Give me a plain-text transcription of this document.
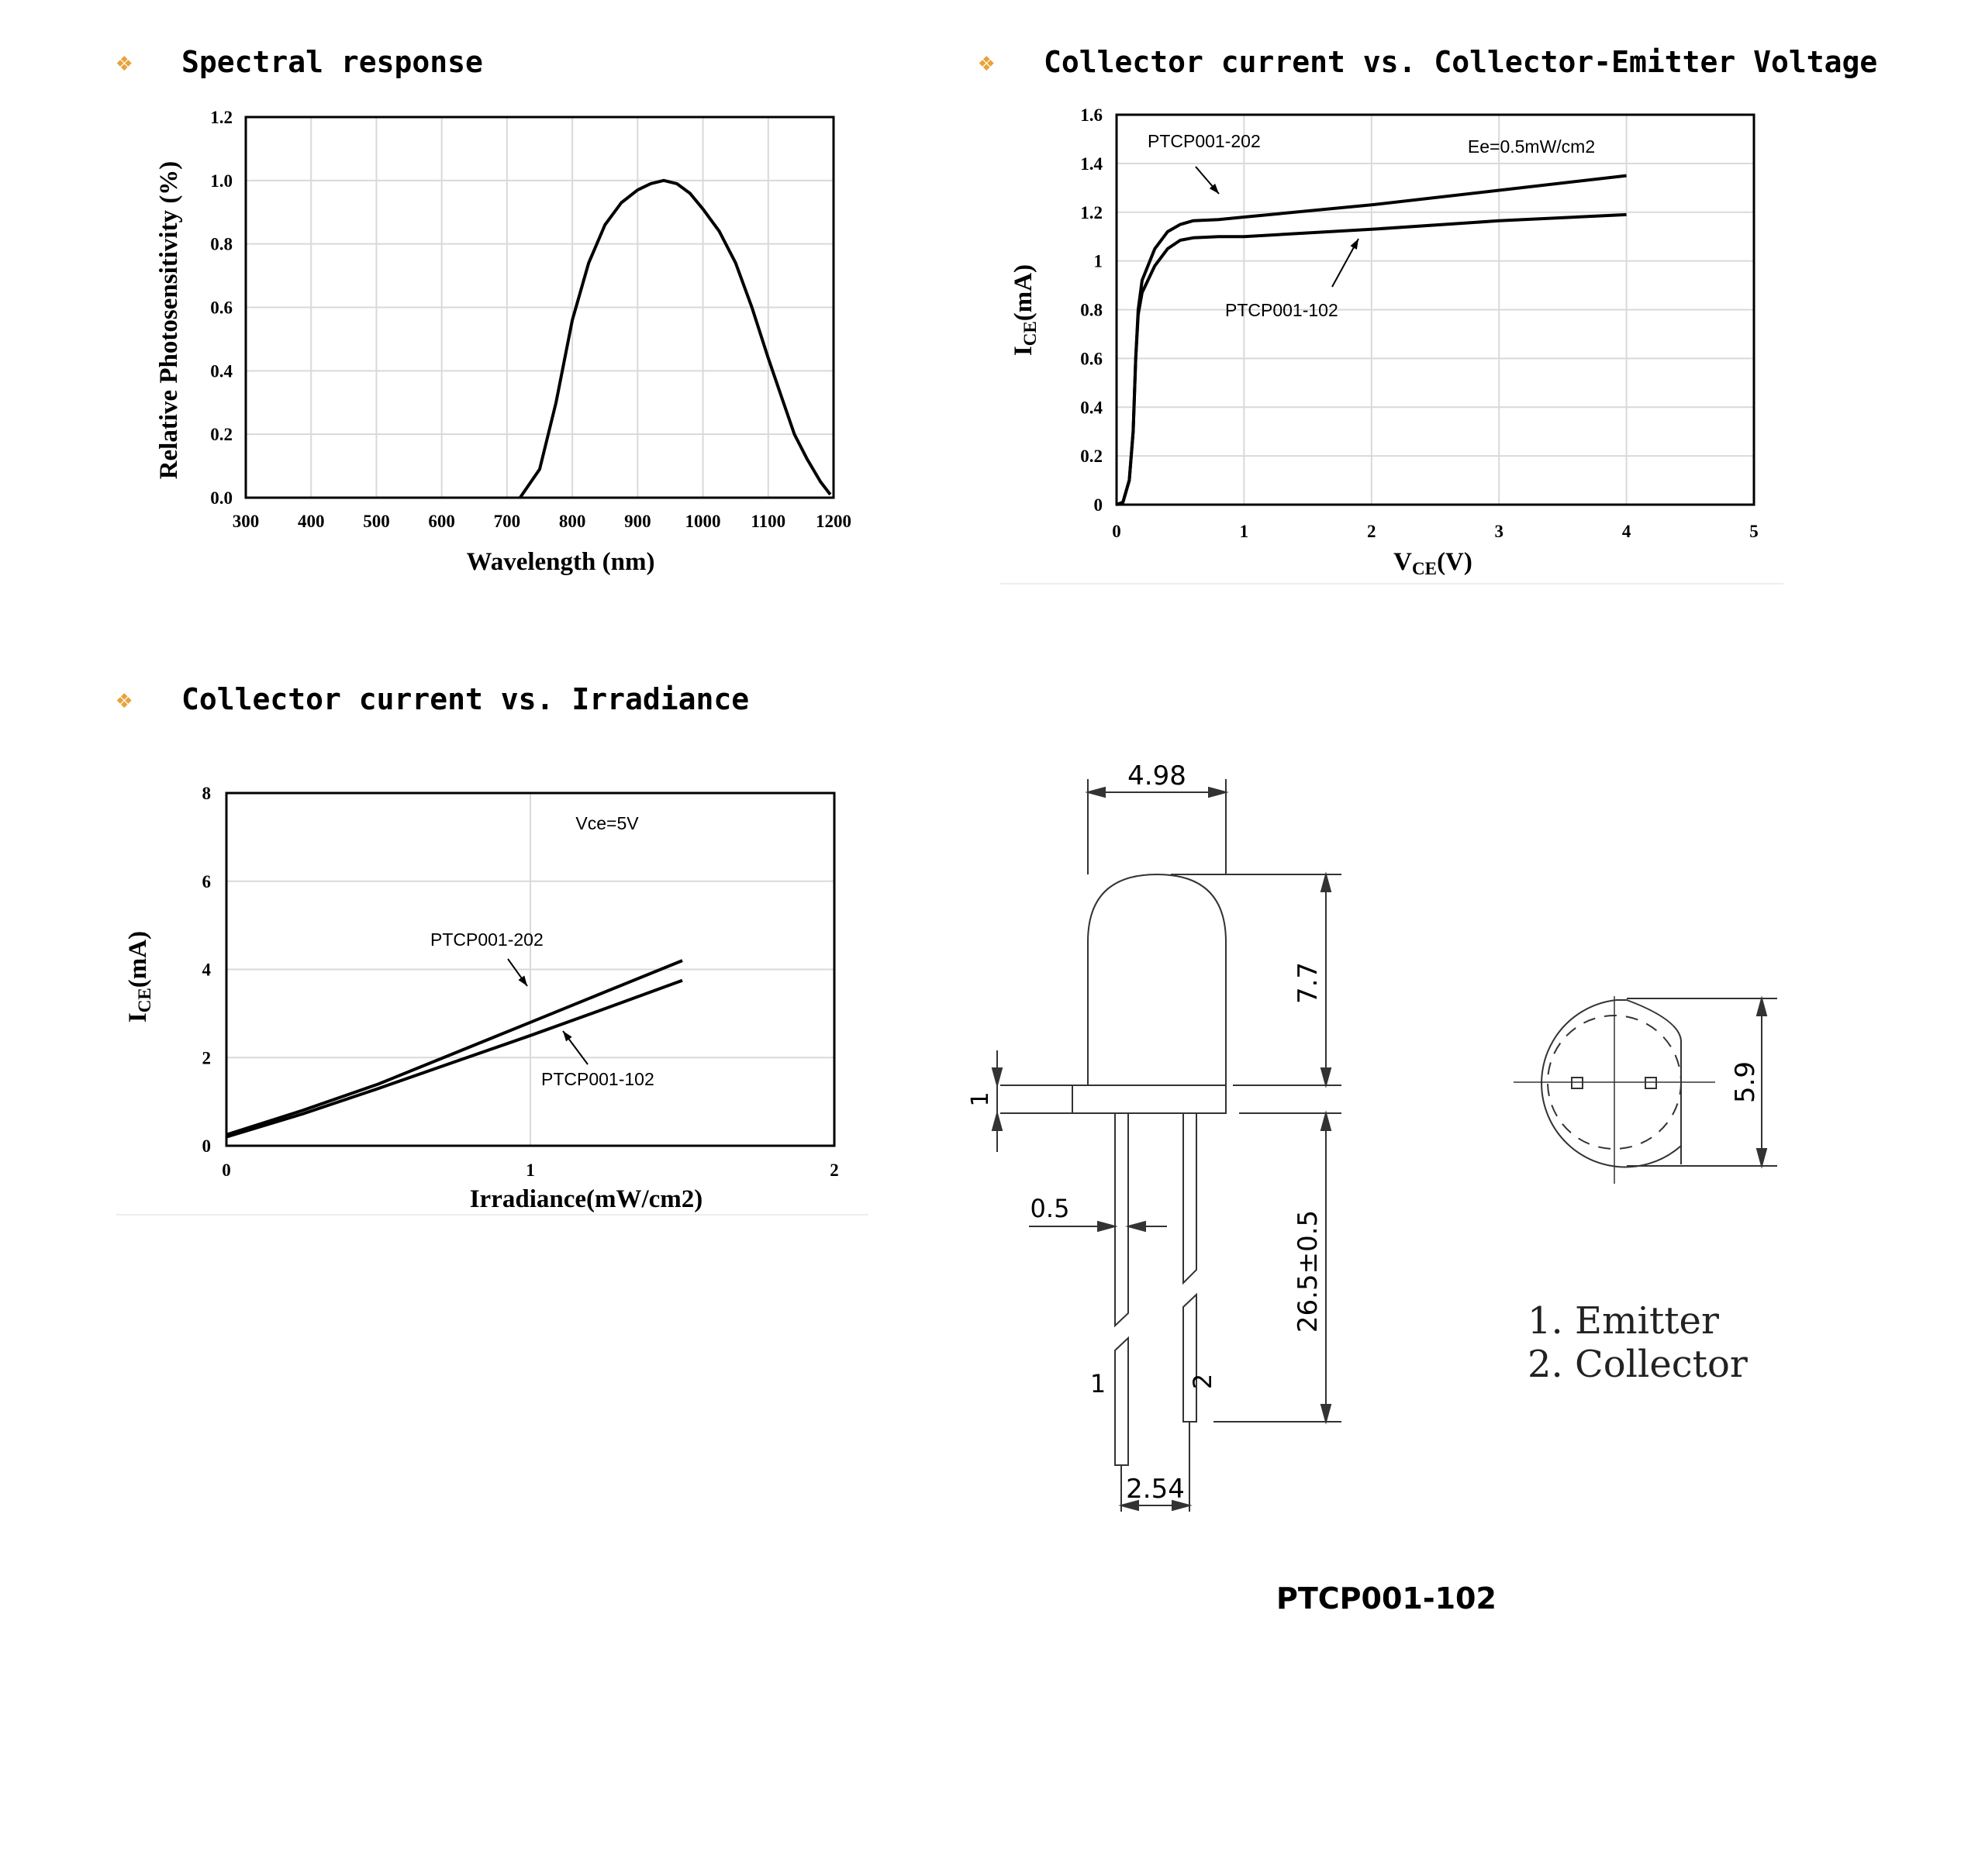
❖	Spectral response	❖	Collector current vs. Collector-Emitter Voltage
❖	Collector current vs. Irradiance
300 400 500 600 700 800 900 1000 1100 1200
0.0
0.2
0.4
0.6
0.8
1.0
1.2
Relative Photosensitivity (%)
Wavelength (nm)
0	1	2	3	4	5
0
0.2
0.4
0.6
0.8
1
1.2
1.4
1.6
ICE(mA)
VCE(V)
Ee=0.5mW/cm2
PTCP001-202
PTCP001-102
0	1	2
0
2
4
6
8
ICE(mA)
Irradiance(mW/cm2)
Vce=5V
PTCP001-202
PTCP001-102
4.98
7.7
1
0.5
26.5±0.5
2.54
5.9
1	2
1. Emitter
2. Collector
PTCP001-102
